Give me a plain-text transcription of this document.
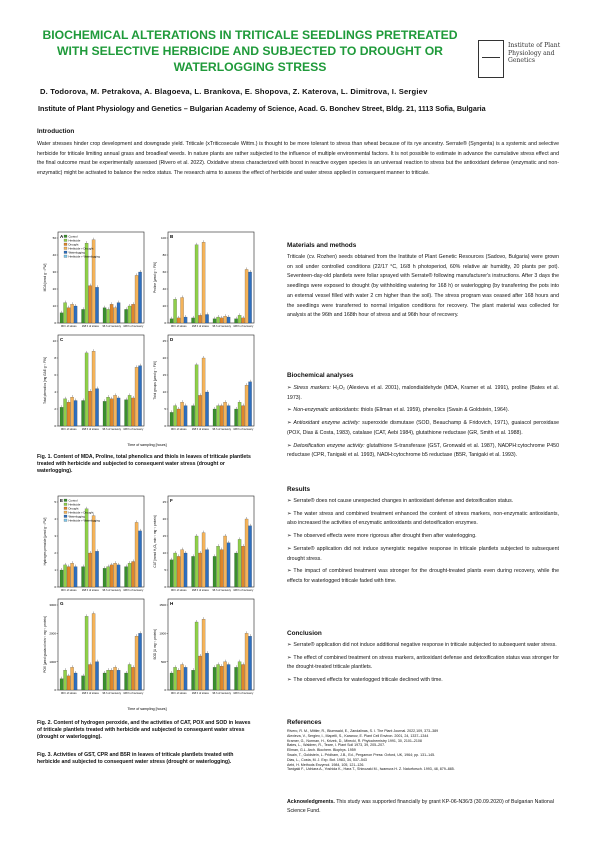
BIOCHEMICAL ALTERATIONS IN TRITICALE SEEDLINGS PRETREATED WITH SELECTIVE HERBICIDE AND SUBJECTED TO DROUGHT OR WATERLOGGING STRESS
Institute of Plant Physiology and Genetics

D. Todorova, M. Petrakova, A. Blagoeva, L. Brankova, E. Shopova, Z. Katerova, L. Dimitrova, I. Sergiev

Institute of Plant Physiology and Genetics – Bulgarian Academy of Science, Acad. G. Bonchev Street, Bldg. 21, 1113 Sofia, Bulgaria

Introduction

Water stresses hinder crop development and downgrade yield. Triticale (xTriticosecale Wittm.) is thought to be more tolerant to stress than wheat because of its rye ancestry. Serrate® (Syngenta) is a systemic and selective herbicide for triticale limiting annual grass and broadleaf weeds. In nature plants are rather subjected to the influence of multiple environmental factors. It is not possible to estimate in advance the cumulative stress effect and the final outcome must be experimentally assessed (Rivero et al. 2022). Oxidative stress characterized with boost in reactive oxygen species is an universal reaction to stress but the antioxidant defense (enzymatic and non-enzymatic) might be activated to balance the redox status. The research aims to assess the effect of herbicide and water stress applied in consequent manner to triticale.

A
0
10
20
30
40
50
MDA [nmol g⁻¹ FW]
96 h of stress 168 h of stress 96 h of recovery 168 h of recovery
Control
Herbicide
Drought
Herbicide + Drought
Waterlogging
Herbicide + Waterlogging
B
0
20
40
60
80
100
Proline [µmol g⁻¹ FW]
96 h of stress 168 h of stress 96 h of recovery 168 h of recovery
C
0
2
4
6
8
10
Total phenolics [mg GAE g⁻¹ FW]
96 h of stress 168 h of stress 96 h of recovery 168 h of recovery
D
0
5
10
15
20
25
Thiol groups [µmol g⁻¹ FW]
96 h of stress 168 h of stress 96 h of recovery 168 h of recovery
Time of sampling [hours]

Fig. 1. Content of MDA, Proline, total phenolics and thiols in leaves of triticale plantlets treated with herbicide and subjected to consequent water stress (drought or waterlogging).

E
0
1
2
3
4
5
Hydrogen peroxide [µmol g⁻¹ FW]
96 h of stress 168 h of stress 96 h of recovery 168 h of recovery
Control
Herbicide
Drought
Herbicide + Drought
Waterlogging
Herbicide + Waterlogging
F
0
5
10
15
20
25
CAT [mmol H₂O₂ min⁻¹ mg⁻¹ protein]
96 h of stress 168 h of stress 96 h of recovery 168 h of recovery
G
0
1000
2000
3000
POX [µmol guaiacol min⁻¹ mg⁻¹ protein]
96 h of stress 168 h of stress 96 h of recovery 168 h of recovery
H
0
500
1000
1500
SOD [U mg⁻¹ protein]
96 h of stress 168 h of stress 96 h of recovery 168 h of recovery
Time of sampling [hours]

Fig. 2. Content of hydrogen peroxide, and the activities of CAT, POX and SOD in leaves of triticale plantlets treated with herbicide and subjected to consequent water stress (drought or waterlogging).

Fig. 3. Activities of GST, CPR and B5R in leaves of triticale plantlets treated with herbicide and subjected to consequent water stress (drought or waterlogging).

Materials and methods

Triticale (cv. Rozhen) seeds obtained from the Institute of Plant Genetic Resources (Sadovo, Bulgaria) were grown on soil under controlled conditions (22/17 °C, 16/8 h photoperiod, 60% relative air humidity, 20 plants per pot). Seventeen-day-old plantlets were foliar sprayed with Serrate® following manufacturer's instructions. After 3 days the seedlings were exposed to drought (by withholding watering for 168 h) or waterlogging (by transferring the pots into an external vessel filled with water 2 cm higher than the soil). The stress program was ceased after 168 hours and the seedlings were transferred to normal irrigation conditions for recovery. The plant material was collected for analysis at the 96th and 168th hour of stress and at 96th hour of recovery.

Biochemical analyses
➢ Stress markers: H₂O₂ (Alexieva et al. 2001), malondialdehyde (MDA, Kramer et al. 1991), proline (Bates et al. 1973).
➢ Non-enzymatic antioxidants: thiols (Ellman et al. 1959), phenolics (Swain & Goldstein, 1964).
➢ Antioxidant enzyme activity: superoxide dismutase (SOD, Beauchamp & Fridovich, 1971), guaiacol peroxidase (POX, Dias & Costa, 1983), catalase (CAT, Aebi 1984), glutathione reductase (GR, Smith et al. 1988).
➢ Detoxification enzyme activity: glutathione S-transferase (GST, Gronwald et al. 1987), NADPH:cytochrome P450 reductase (CPR, Tanigaki et al. 1993), NADH:cytochrome b5 reductase (B5R, Tanigaki et al. 1993).
Results
➢ Serrate® does not cause unexpected changes in antioxidant defense and detoxification status.
➢ The water stress and combined treatment enhanced the content of stress markers, non-enzymatic antioxidants, also increased the activities of enzymatic antioxidants and detoxification enzymes.
➢ The observed effects were more rigorous after drought then after waterlogging.
➢ Serrate® application did not induce synergistic negative response in triticale plantlets subjected to subsequent drought stress.
➢ The impact of combined treatment was stronger for the drought-treated plants even during recovery, while the effects for waterlogged triticale faded with time.
Conclusion
➢ Serrate® application did not induce additional negative response in triticale subjected to subsequent water stress.
➢ The effect of combined treatment on stress markers, antioxidant defense and detoxification status was stronger for the drought-treated triticale plantlets.
➢ The observed effects for waterlogged triticale declined with time.
References
Rivero, R. M., Mittler, R., Blumwald, E., Zandalinas, S. I. The Plant Journal. 2022,109, 373–389
Alexieva, V., Sergiev, I., Mapelli, S., Karanov, E. Plant Cell Environ. 2001, 24, 1337–1344
Kramer, G., Norman, H., Krizek, D., Mirecki, R. Phytochemistry 1991, 30, 2101–2108
Bates, L., Waldren, R., Teare, I. Plant Soil 1973, 39, 205–207.
Ellman, G.L. Arch. Biochem. Biophys. 1959
Swain, T., Goldstein, L. Pridham, J.B., Ed., Pergamon Press: Oxford, UK, 1964; pp. 131–145.
Dias, L., Costa, M. J. Exp. Bot. 1983, 34, 537–543
Aebi, H. Methods Enzymol. 1984, 105, 121–126.
Tanigaki F., Uchiara A., Yoshida K., Hara T., Shinozaki M., Iwamura H. Z. Naturforsch. 1993, 48, 879–885.

Acknowledgments. This study was supported financially by grant KP-06-N36/3 (30.09.2020) of Bulgarian National Science Fund.
